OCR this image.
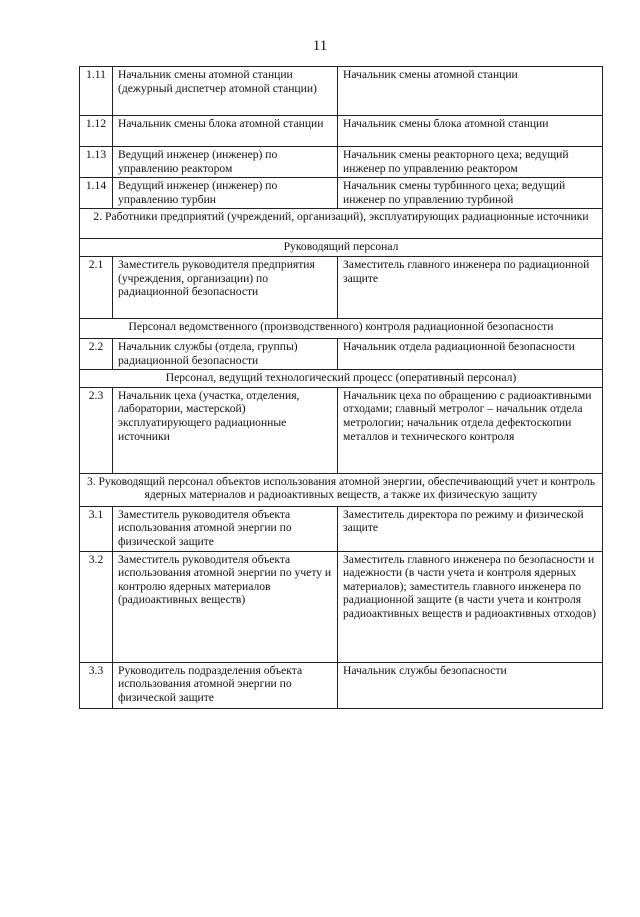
11
1.11	Начальник смены атомной станции (дежурный диспетчер атомной станции)	Начальник смены атомной станции
1.12	Начальник смены блока атомной станции	Начальник смены блока атомной станции
1.13	Ведущий инженер (инженер) по управлению реактором	Начальник смены реакторного цеха; ведущий инженер по управлению реактором
1.14	Ведущий инженер (инженер) по управлению турбин	Начальник смены турбинного цеха; ведущий инженер по управлению турбиной
2. Работники предприятий (учреждений, организаций), эксплуатирующих радиационные источники		
Руководящий персонал		
2.1	Заместитель руководителя предприятия (учреждения, организации) по радиационной безопасности	Заместитель главного инженера по радиационной защите
Персонал ведомственного (производственного) контроля радиационной безопасности		
2.2	Начальник службы (отдела, группы) радиационной безопасности	Начальник отдела радиационной безопасности
Персонал, ведущий технологический процесс (оперативный персонал)		
2.3	Начальник цеха (участка, отделения, лаборатории, мастерской) эксплуатирующего радиационные источники	Начальник цеха по обращению с радиоактивными отходами; главный метролог – начальник отдела метрологии; начальник отдела дефектоскопии металлов и технического контроля
3. Руководящий персонал объектов использования атомной энергии, обеспечивающий учет и контроль ядерных материалов и радиоактивных веществ, а также их физическую защиту		
3.1	Заместитель руководителя объекта использования атомной энергии по физической защите	Заместитель директора по режиму и физической защите
3.2	Заместитель руководителя объекта использования атомной энергии по учету и контролю ядерных материалов (радиоактивных веществ)	Заместитель главного инженера по безопасности и надежности (в части учета и контроля ядерных материалов); заместитель главного инженера по радиационной защите (в части учета и контроля радиоактивных веществ и радиоактивных отходов)
3.3	Руководитель подразделения объекта использования атомной энергии по физической защите	Начальник службы безопасности
